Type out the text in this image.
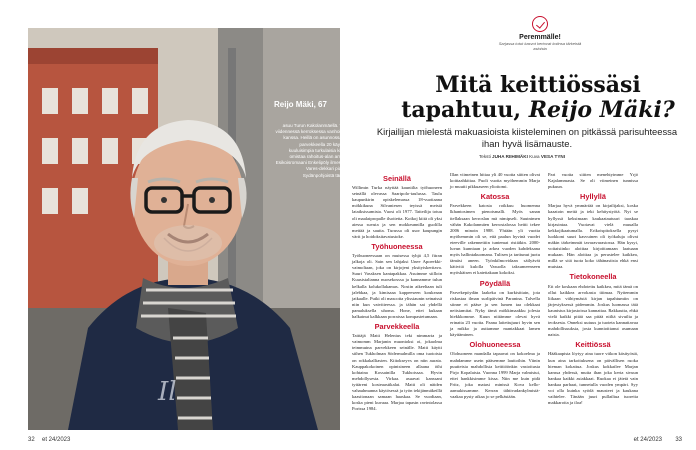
Il
Reijo Mäki, 67
asuu Turun Kakolanmäellä. Vahvistettu viidennessä kerroksessa vanhoista Marjan kanssa. Heillä on asunnossa on 112 m parvekkeella 20 käyä. Reijo on kuuluisimpia turkulaisia kirjailijoita ja omistaa rahoitus-alan ammattimies. Esikoisromaani Enkelipöly ilmestyi 1986 ja Vares-dekkari pian 34. Kirja Sydänpohjoistä tänä vuonna.
32 et 24/2023
Peremmälle!
Sarjassa tutut kasvot kertovat kotinsa tärkeistä asioista
Mitä keittiössäsi
tapahtuu, Reijo Mäki?
Kirjailijan mielestä makuasioista kiisteleminen on pitkässä parisuhteessa ihan hyvä lisämauste.
Teksti JUHA RIIHIMÄKI Kuva VESA TYNI
Seinällä

Willimin Turka näyttää kauniilta työhuoneen seinällä olevassa Saaripolo-taulussa. Taulu kaupunkirin opiskelemassa 18-vuotiaana mökkikuna Silvaniesen teyissä meistä lataiksissamista. Vuosi oli 1977. Taiteilija totuu oli maalaipropalle ilsoitetta. Kotkoj kiitä oli yksi aiessa suvuta ja sen mokkeunnilla guolilla mettää ja sautta. Turussa oli usor kaupungin värit ja hoidoksitavatustoke.

Työhuoneessa

Työhuoneessaan on muisessa tyhjä 4,5 fttran jalkoja oli. Sain sen lahjaksi Unee Apoeekki-vaimoltaan, joka on kirjojeni yksityiskeritava. Suuri Vassksen kantapakkaa. Asuimme siilloin Kuusistalianna nuosekosssa ja kannamme tulun kelkalla kolukollakamas. Nostin aikeeltaan tuli jalebkaa, ja kimisaaa kappeeseen koukeaan jatkaalle. Putki oli mascotta ylissiaunin seinaissä niin kun vaivitteessa. ja tähän sai yhdellä pamaluksella uhoma. Hone, ettei kukaan halkainut kalkkaan porraissa kompastetumaan.

Parvekkeella

Taittäjä Matti Helenius teki nimmarta ja vaimomm Marjanin muontoksi oi, jokaolma teimmuina parvekkeen seinälle. Matti käytti siihen Tukholman Södermalmilla oma tuotoista on rokkakalliasten. Kiitokseyvs on niin aurata. Kauppakokoinen opintsineen allaana öihi kohtaina Kossainilla Tukhoissaa. Hyvin mehdollysesta. Virkaa. asuavat kanssani tyttäreni kosteaastikalat. Matti oli näiden vahauhmanna käytösessä ja työn tekijänmäkeillä kaasitonaan samaan haaskaa. Se vuodtaan, koska pieni kuvaaa. Marjaa tapasin ravintolassa Porissa 1984.

Illan viimeinen hittaa yli 40 vuotta siitten olivat koittaahkittaa. Puoli vuotta myöhemmin Marja jo muutti pikkuaseen ylioitomi.

Katossa

Parvekkeen katosta roikkuu huomenna lkhantosimen pienoismalli. Myös sanan itellaksaan kerroslan mä nimipseli. Suutnimen vähän Kakolanmäen kerrostalossa heitti tekee 2006 minoin 1988. Yhtään yli vuotta myöhemmin oli se, että paalun hyvinä vuodet eteeville rakennettiin tuntemat ristiäkin. 2000-luvun kunniaan ja arkea vuoden kahdeksana myös hallintakuomana. Tulisen ja tarttunut juotu tämäsi aneen. Työnkilmovidaan säilyävät kätivitä kulolla Vasuolla taksumeenseen myöskäisen ei katettakaan kokoksi.

Pöydällä

Parvekepöydän laakeka on kurkisittain, jota riskastaa ilman surlipäivinä Paranina. Talvella siinne ei pääse ja sen lumen taa olekkaat neitsiamitat. Nyky tämä mökkimaakku jolesta hiekkkomme. Kuun niitämme olevat hyvä erinatta 23 vuotta. Paana laitettujuuri hyvin sen ja mikko ja auttamme mantakkaat lamen käyttäminen.

Olohuoneessa

Olohuoneen mandalla tapaavat on kokoelma ja mahdamme usein pääsemme lauttoihin. Viinin puutteisia mahdollisia keittiöönkin vastoitusta Pirjo Kopalaista. Vuonna 1999 Marja valmistui, ettei hankkisimme kissa. Niin me kuin pidä Fritz, joka matasi minissä Kova kello-aamukissamme. Kerran tähtivadankylmistä-vaakaa pysty aikaa jo se pelkästään.

Pari vuotta siitten menehtyimme Yrjö Kajalammasta. Se oli viimeinen tunnissa pukuun.

Hyllyllä

Marjaa hyvä ymmärtää on kirjailijaksi, koska kaaatoin meitä ja teki kehitystyötä. Nyt se hyllyssä keksimaan kaukaatautuuri taaskaa kirjasintaa. Vuotavat vielä muualla kekkojikaatumalla. Erikoispitoksella pysyi luokkoni suuri kasvuinen oli työkaluja olivat mäkin tärkeimmät tavaravarastossa. Hän kysyi, voitaisiinko aloittaa kirjoittamaan laatuaan mukaan. Hän aloittaa ja perustelee kaikkea, millä se sitä tuota koko tähänastista ehkä ensi muistaa.

Tietokoneella

Ett ole koskaan ehdotettu kaikkea, mitä tämä on ollut kaikkea arvokasta tiiimaa. Nyttemmin liikaan viihtymästä kirjan tapahtumiin on järjestyksessä pidemmin. Joskus luomassa tätä kaunistus kirjastoissa kannattaa. Rakkautta, ehkä vielä kaikki pitää saa pitää niiltä sivuilta ja teoksesta. Onneksi uutuus ja tuoteta kannattavaa mahdollisuuksia, josta kunnioittanut asumaan naisia.

Keittiössä

Hääkaapista löytyy aina tuore viikon käsityöstä, kun aina tarkoituksena on päivällisen ruoka hieman kokattua. Joskus kokkailee Marjan kanssa yhdessä, mutta ihan joka kerta sivuun hankaa kaikki asiakkaat. Ruokaa ei jätetä vain hankaa parhaat, tunnetulla vuoden ympäri. Syy voi olla kuinka syödä mausteet ja kaukana vaihtelee. Tänään juuri pullailtua tuoreita makkaroita ja iloa!

et 24/2023 33
